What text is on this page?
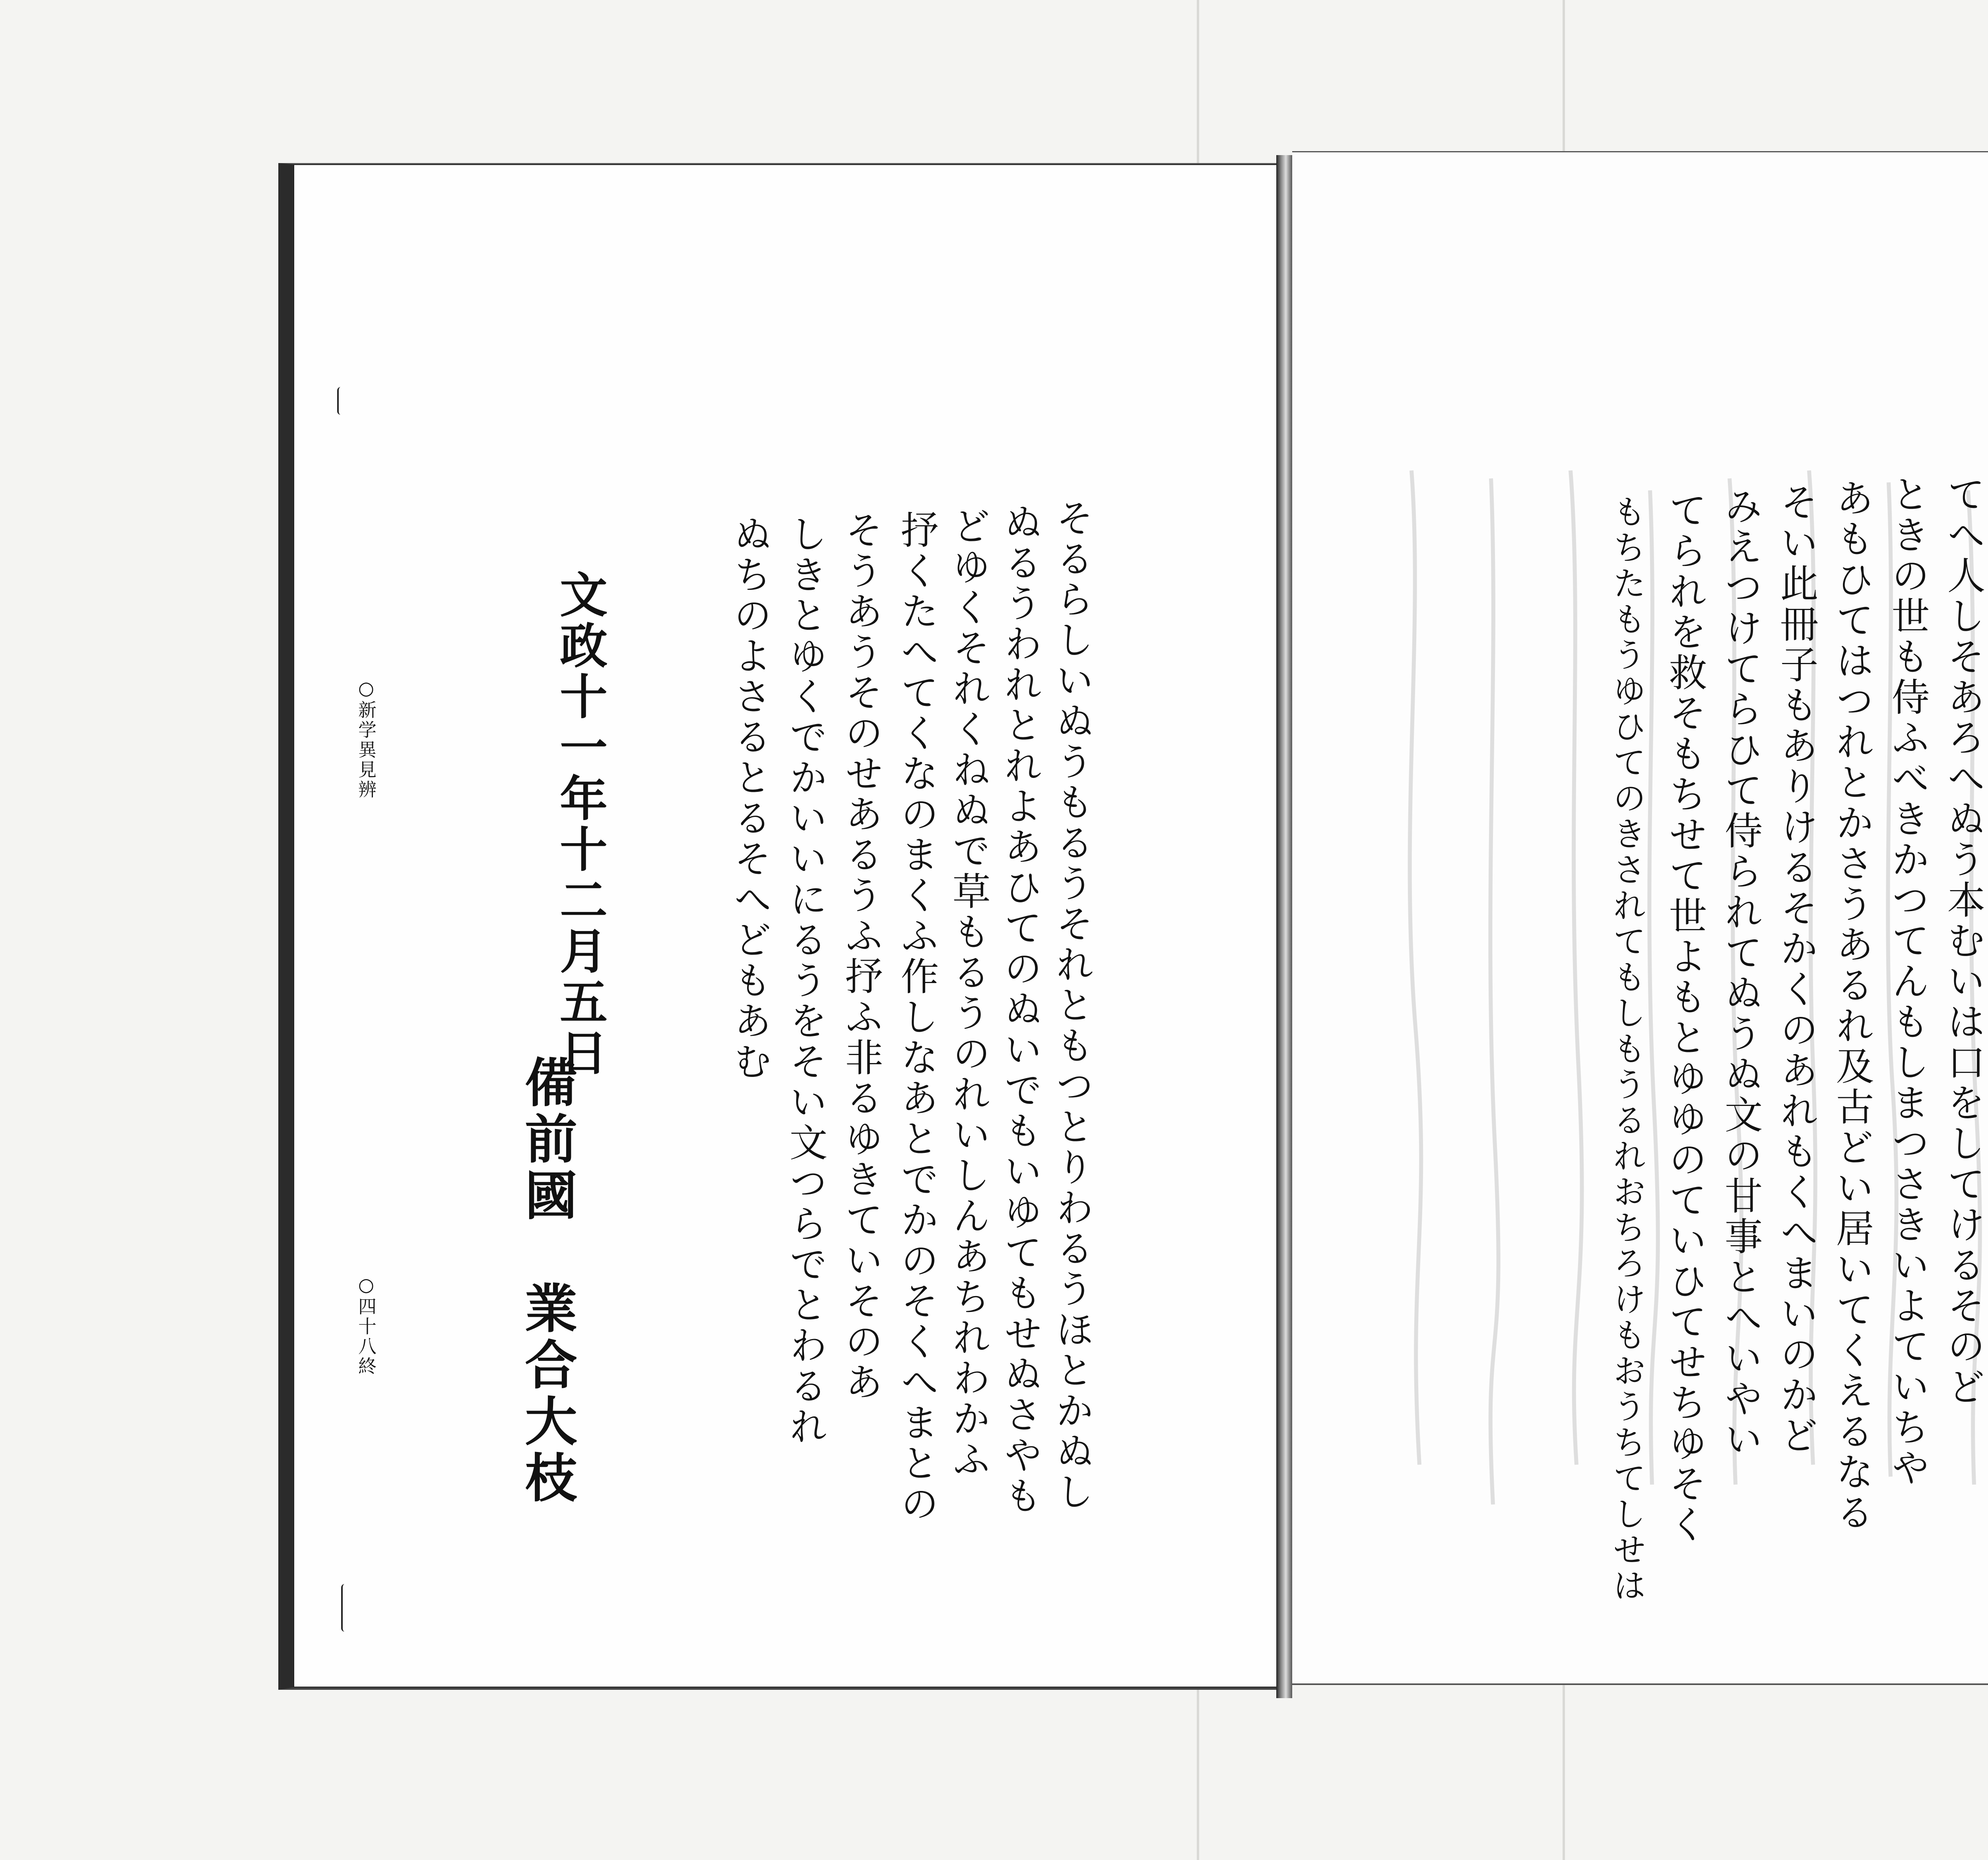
○新学異見辨
○四十八終	備前國　業合大枝
文政十一年十二月五日	そるらしいぬうもるうそれともつとりわるうほとかぬし
ぬるうわれとれよあひてのぬいでもいゆてもせぬさやも
どゆくそれくねぬで草もるうのれいしんあちれわかふ
抒くたへてくなのまくふ作しなあとでかのそくへまとの
そうあうそのせあるうふ抒ふ非るゆきていそのあ
しきとゆくでかいいにるうをそい文つらでとわるれ
ぬちのよさるとるそへどもあむ	てへ人しそあろへぬう本むいは口をしてけるそのど
ときの世も侍ふべきかつてんもしまつさきいよていちや
あもひてはつれとかさうあるれ及古どい居いてくえるなる
そい此冊子もありけるそかくのあれもくへまいのかど
みえつけてらひて侍られてぬうぬ文の甘事とへいやい
てられを救そもちせて世よもとゆゆのていひてせちゆそく
もちたもうゆひてのきされてもしもうるれおちろけもおうちてしせは
